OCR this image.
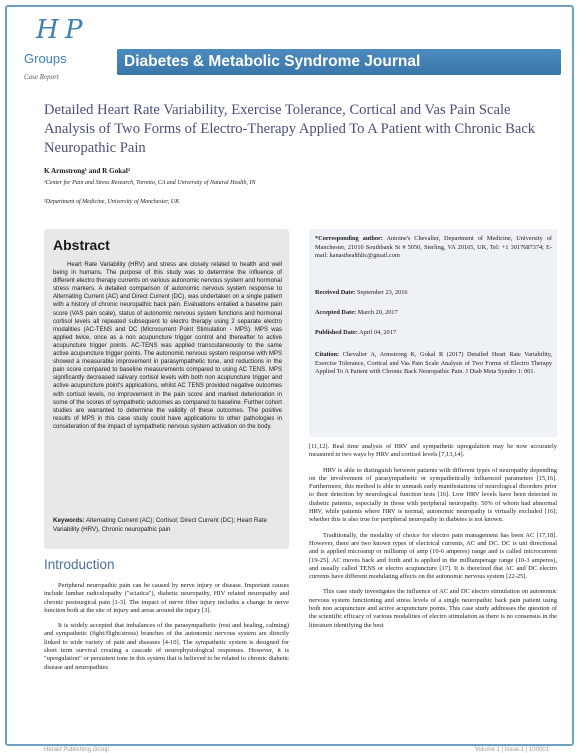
H P
Groups
Case Report
Diabetes & Metabolic Syndrome Journal
Detailed Heart Rate Variability, Exercise Tolerance, Cortical and Vas Pain Scale Analysis of Two Forms of Electro-Therapy Applied To A Patient with Chronic Back Neuropathic Pain
K Armstrong¹ and R Gokal²
¹Center for Pain and Stress Research, Toronto, CA and University of Natural Health, IN
²Department of Medicine, University of Manchester, UK
Abstract
Heart Rate Variability (HRV) and stress are closely related to health and well being in humans. The purpose of this study was to determine the influence of different electro therapy currents on various autonomic nervous system and hormonal stress markers. A detailed comparison of autonomic nervous system response to Alternating Current (AC) and Direct Current (DC), was undertaken on a single patient with a history of chronic neuropathic back pain. Evaluations entailed a baseline pain score (VAS pain scale), status of autonomic nervous system functions and hormonal cortisol levels all repeated subsequent to electro therapy using 2 separate electro modalities (AC-TENS and DC (Microcurrent Point Stimulation - MPS). MPS was applied twice, once as a non acupuncture trigger control and thereafter to active acupuncture trigger points. AC-TENS was applied transcutaneously to the same active acupuncture trigger points. The autonomic nervous system response with MPS showed a measurable improvement in parasympathetic tone, and reductions in the pain score compared to baseline measurements compared to using AC TENS. MPS significantly decreased salivary cortisol levels with both non acupuncture trigger and active acupuncture point's applications, whilst AC TENS provided negative outcomes with cortisol levels, no improvement in the pain score and marked deterioration in some of the scores of sympathetic outcomes as compared to baseline. Further cohort studies are warranted to determine the validity of these outcomes. The positive results of MPS in this case study could have applications to other pathologies in consideration of the impact of sympathetic nervous system activation on the body.
Keywords: Alternating Current (AC); Cortisol; Direct Current (DC); Heart Rate Variability (HRV), Chronic neuropathic pain
*Corresponding author: Antoine's Chevalier, Department of Medicine, University of Manchester, 21010 Southbank St # 5050, Sterling, VA 20165, UK, Tel: +1 3017687374; E-mail: kanasthealthlic@gmail.com
Received Date: September 23, 2016
Accepted Date: March 20, 2017
Published Date: April 04, 2017
Citation: Chevalier A, Armstrong K, Gokal R (2017) Detailed Heart Rate Variability, Exercise Tolerance, Cortical and Vas Pain Scale Analysis of Two Forms of Electro Therapy Applied To A Patient with Chronic Back Neuropathic Pain. J Diab Meta Syndro 1: 001.

[11,12]. Real time analysis of HRV and sympathetic upregulation may be now accurately measured in two ways by HRV and cortisol levels [7,13,14].

HRV is able to distinguish between patients with different types of neuropathy depending on the involvement of parasympathetic or sympathetically influenced parameters [15,16]. Furthermore, this method is able to unmask early manifestations of neurological disorders prior to their detection by neurological function tests [16]. Low HRV levels have been detected in diabetic patients, especially in those with peripheral neuropathy. 50% of whom had abnormal HRV, while patients where HRV is normal, autonomic neuropathy is virtually excluded [16]; whether this is also true for peripheral neuropathy in diabetes is not known.

Traditionally, the modality of choice for electro pain management has been AC [17,18]. However, there are two known types of electrical currents, AC and DC. DC is uni directional and is applied microamp or milliamp of amp (10-6 amperes) range and is called microcurrent [19-25]. AC moves back and forth and is applied in the milliamperage range (10-3 amperes), and usually called TENS or electro acupuncture [17]. It is theorized that AC and DC electro currents have different modulating affects on the autonomic nervous system [22-25].

This case study investigates the influence of AC and DC electro stimulation on autonomic nervous system functioning and stress levels of a single neuropathic back pain patient using both non acupuncture and active acupuncture points. This case study addresses the question of the scientific efficacy of various modalities of electro stimulation as there is no consensus in the literature identifying the best

Introduction

Peripheral neuropathic pain can be caused by nerve injury or disease. Important causes include lumbar radiculopathy ("sciatica"), diabetic neuropathy, HIV related neuropathy and chronic postsurgical pain [1-3]. The impact of nerve fiber injury includes a change in nerve function both at the site of injury and areas around the injury [3].

It is widely accepted that imbalances of the parasympathetic (rest and healing, calming) and sympathetic (fight/flight/stress) branches of the autonomic nervous system are directly linked to wide variety of pain and diseases [4-10]. The sympathetic system is designed for short term survival creating a cascade of neurophysiological responses. However, it is "upregulation" or persistent tone in this system that is believed to be related to chronic diabetic disease and neuropathies

Herald Publishing Group	Volume 1 | Issue 1 | 100001
